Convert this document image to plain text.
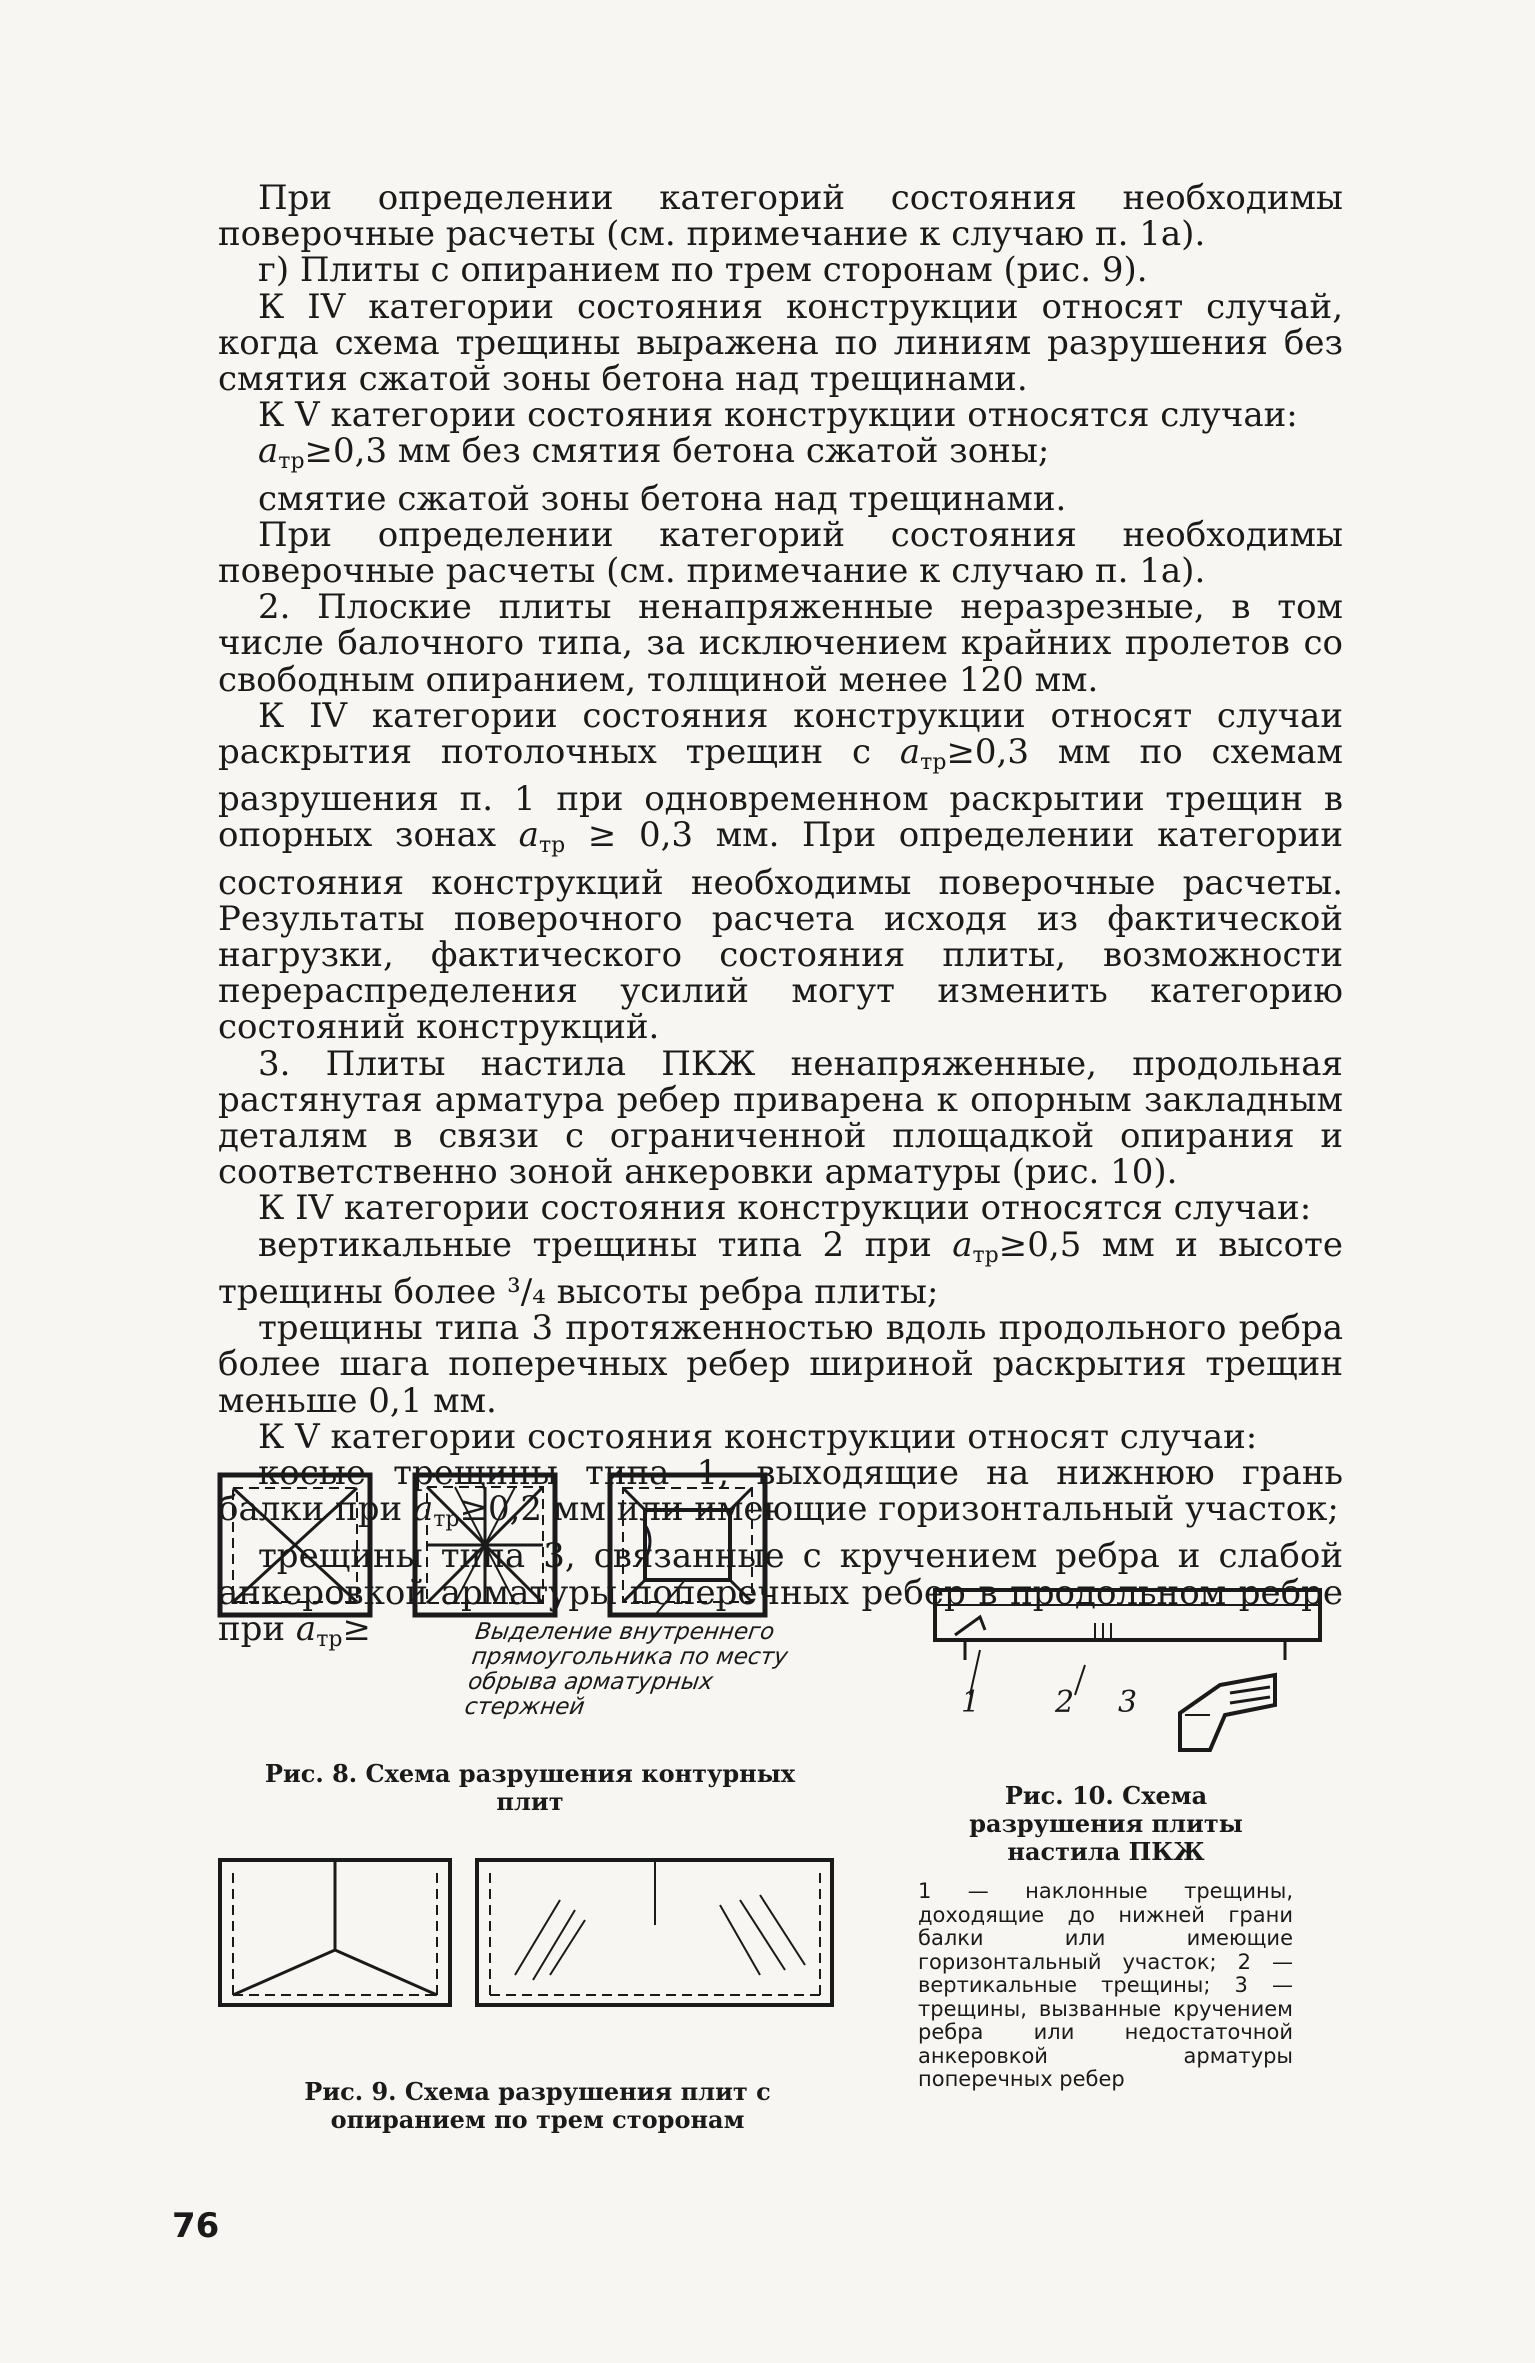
При определении категорий состояния необходимы поверочные расчеты (см. примечание к случаю п. 1а).

г) Плиты с опиранием по трем сторонам (рис. 9).

К IV категории состояния конструкции относят случай, когда схема трещины выражена по линиям разрушения без смятия сжатой зоны бетона над трещинами.

К V категории состояния конструкции относятся случаи:

$a_{тр}\ge 0,3$ мм без смятия бетона сжатой зоны;

смятие сжатой зоны бетона над трещинами.

При определении категорий состояния необходимы поверочные расчеты (см. примечание к случаю п. 1а).

2. Плоские плиты ненапряженные неразрезные, в том числе балочного типа, за исключением крайних пролетов со свободным опиранием, толщиной менее 120 мм.

К IV категории состояния конструкции относят случаи раскрытия потолочных трещин с $a_{тр}\ge 0,3$ мм по схемам разрушения п. 1 при одновременном раскрытии трещин в опорных зонах $a_{тр} \ge 0,3$ мм. При определении категории состояния конструкций необходимы поверочные расчеты. Результаты поверочного расчета исходя из фактической нагрузки, фактического состояния плиты, возможности перераспределения усилий могут изменить категорию состояний конструкций.

3. Плиты настила ПКЖ ненапряженные, продольная растянутая арматура ребер приварена к опорным закладным деталям в связи с ограниченной площадкой опирания и соответственно зоной анкеровки арматуры (рис. 10).

К IV категории состояния конструкции относятся случаи:

вертикальные трещины типа 2 при $a_{тр}\ge 0,5$ мм и высоте трещины более ³/₄ высоты ребра плиты;

трещины типа 3 протяженностью вдоль продольного ребра более шага поперечных ребер шириной раскрытия трещин меньше 0,1 мм.

К V категории состояния конструкции относят случаи:

косые трещины типа 1, выходящие на нижнюю грань балки при $a_{тр}\ge 0,2$ мм или имеющие горизонтальный участок;

трещины типа 3, связанные с кручением ребра и слабой анкеровкой арматуры поперечных ребер в продольном ребре при $a_{тр}\ge$	Выделение внутреннего прямоугольника по месту обрыва арматурных стержней
Рис. 8. Схема разрушения контурных плит
Рис. 9. Схема разрушения плит с опиранием по трем сторонам
1 2 3
Рис. 10. Схема разрушения плиты настила ПКЖ
1 — наклонные трещины, доходящие до нижней грани балки или имеющие горизонтальный участок; 2 — вертикальные трещины; 3 — трещины, вызванные кручением ребра или недостаточной анкеровкой арматуры поперечных ребер
76
